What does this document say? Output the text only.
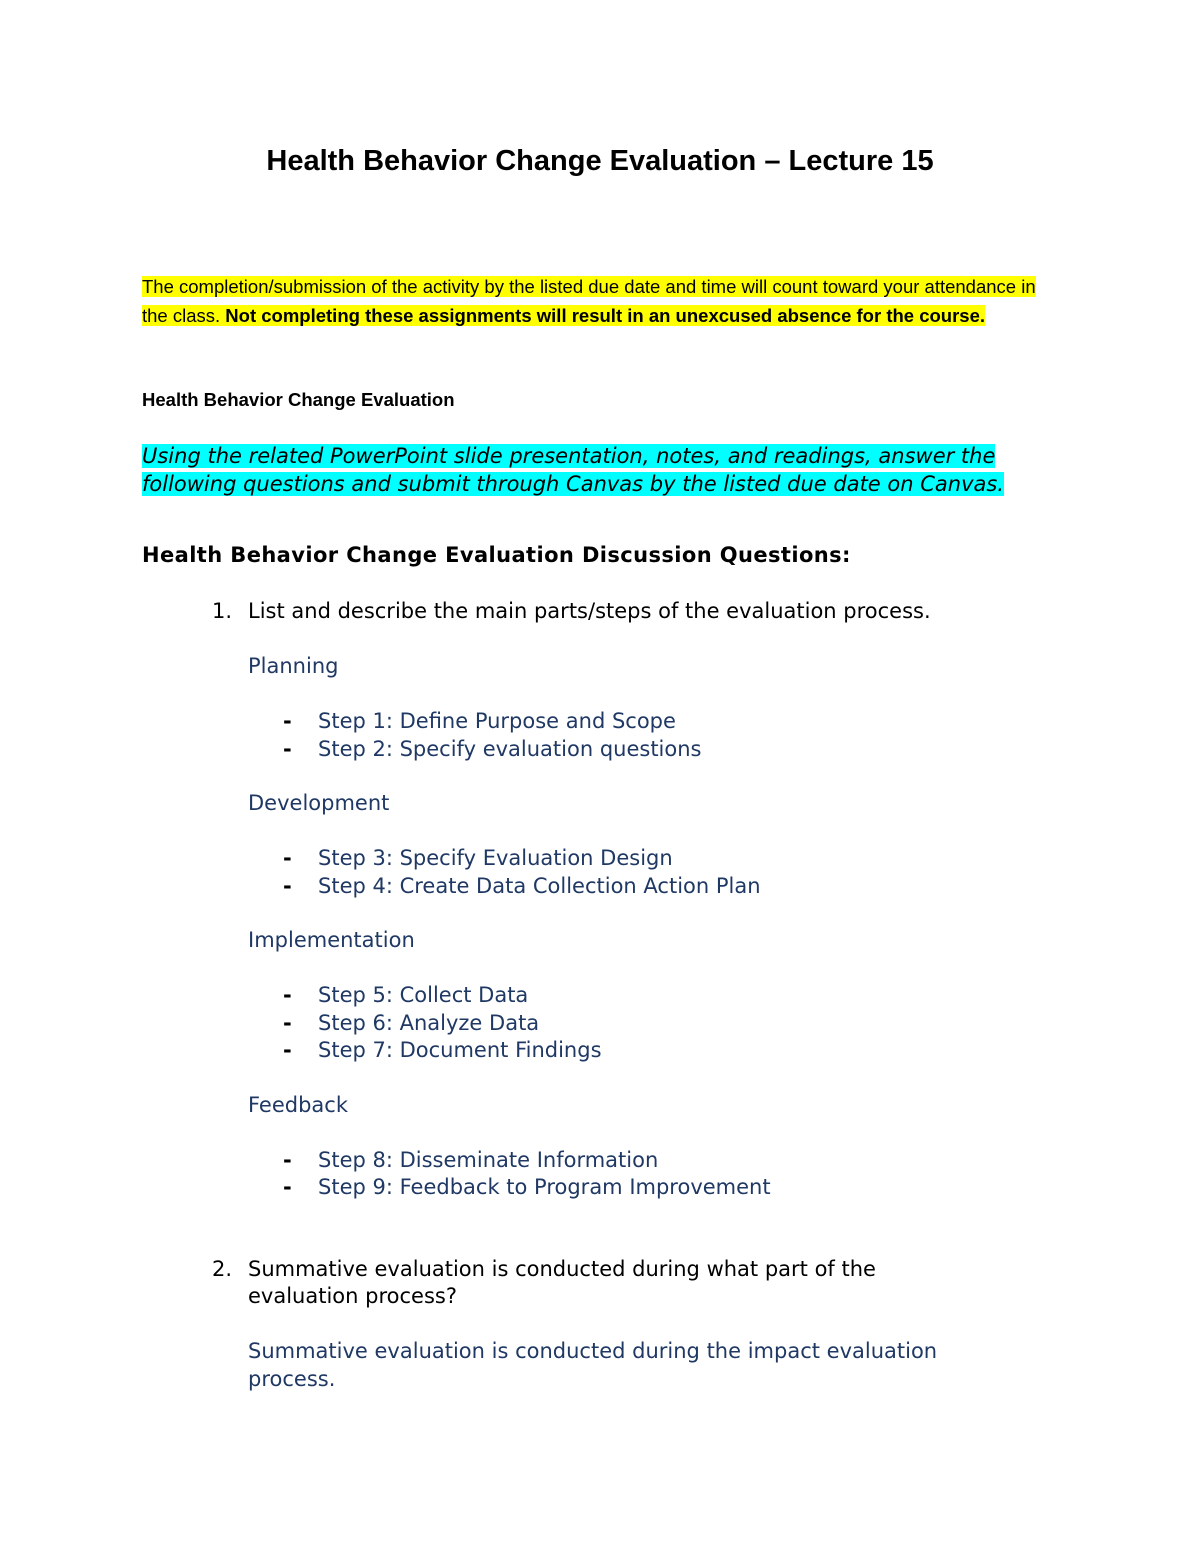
Health Behavior Change Evaluation – Lecture 15

The completion/submission of the activity by the listed due date and time will count toward your attendance in the class. Not completing these assignments will result in an unexcused absence for the course.

Health Behavior Change Evaluation

Using the related PowerPoint slide presentation, notes, and readings, answer the following questions and submit through Canvas by the listed due date on Canvas.

Health Behavior Change Evaluation Discussion Questions:

1. List and describe the main parts/steps of the evaluation process.

Planning

- Step 1: Define Purpose and Scope
- Step 2: Specify evaluation questions

Development

- Step 3: Specify Evaluation Design
- Step 4: Create Data Collection Action Plan

Implementation

- Step 5: Collect Data
- Step 6: Analyze Data
- Step 7: Document Findings

Feedback

- Step 8: Disseminate Information
- Step 9: Feedback to Program Improvement
2. Summative evaluation is conducted during what part of the
evaluation process?

Summative evaluation is conducted during the impact evaluation

process.
